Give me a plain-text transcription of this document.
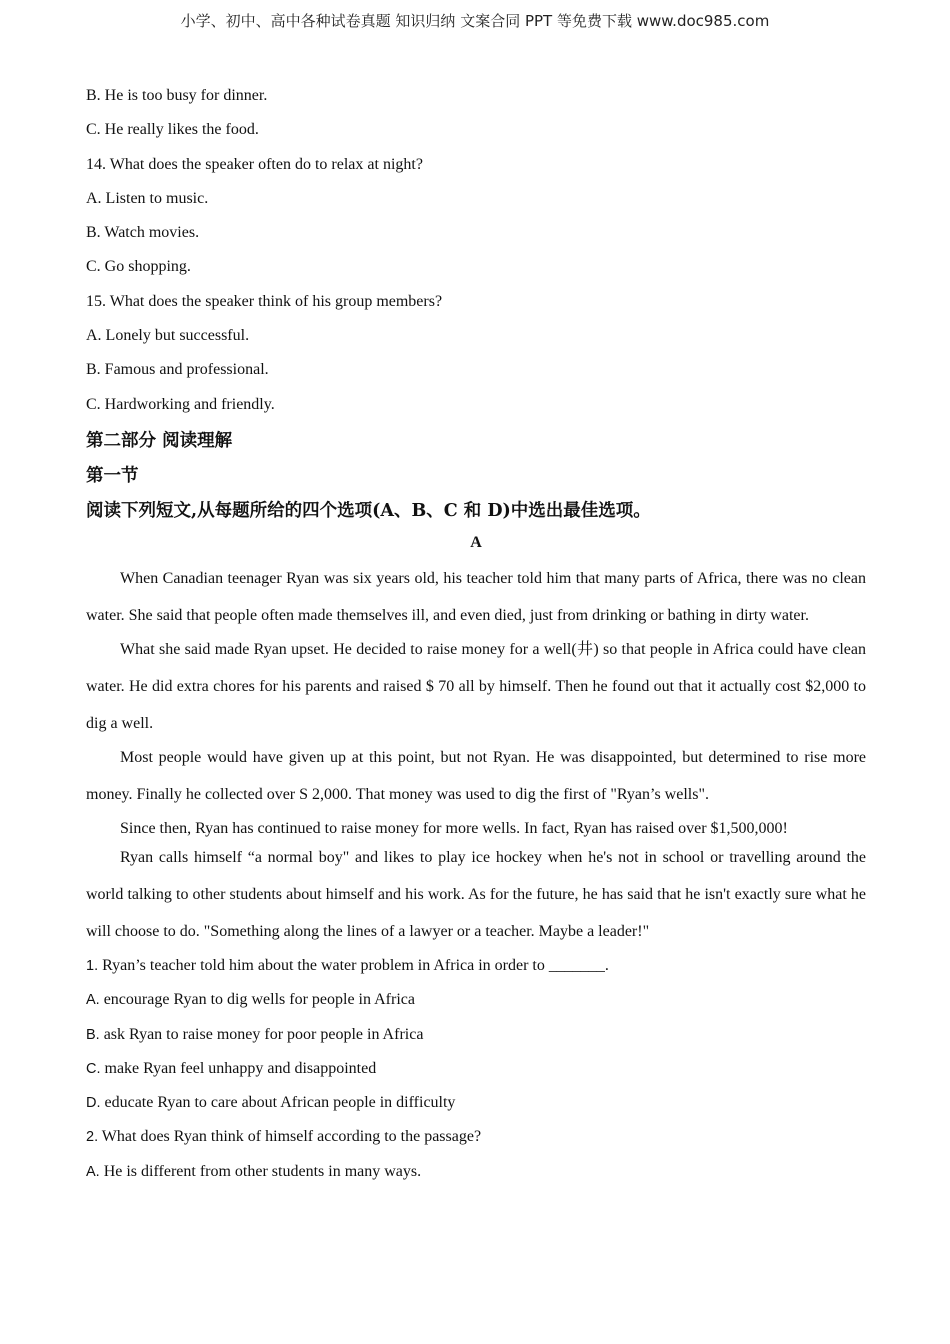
小学、初中、高中各种试卷真题 知识归纳 文案合同 PPT 等免费下载 www.doc985.com
B. He is too busy for dinner.
C. He really likes the food.
14. What does the speaker often do to relax at night?
A. Listen to music.
B. Watch movies.
C. Go shopping.
15. What does the speaker think of his group members?
A. Lonely but successful.
B. Famous and professional.
C. Hardworking and friendly.
第二部分 阅读理解
第一节
阅读下列短文,从每题所给的四个选项(A、B、C 和 D)中选出最佳选项。
A
When Canadian teenager Ryan was six years old, his teacher told him that many parts of Africa, there was no clean water. She said that people often made themselves ill, and even died, just from drinking or bathing in dirty water.
What she said made Ryan upset. He decided to raise money for a well(井) so that people in Africa could have clean water. He did extra chores for his parents and raised $ 70 all by himself. Then he found out that it actually cost $2,000 to dig a well.
Most people would have given up at this point, but not Ryan. He was disappointed, but determined to rise more money. Finally he collected over S 2,000. That money was used to dig the first of "Ryan’s wells".
Since then, Ryan has continued to raise money for more wells. In fact, Ryan has raised over $1,500,000!
Ryan calls himself “a normal boy" and likes to play ice hockey when he's not in school or travelling around the world talking to other students about himself and his work. As for the future, he has said that he isn't exactly sure what he will choose to do. "Something along the lines of a lawyer or a teacher. Maybe a leader!"
1. Ryan’s teacher told him about the water problem in Africa in order to _______.
A. encourage Ryan to dig wells for people in Africa
B. ask Ryan to raise money for poor people in Africa
C. make Ryan feel unhappy and disappointed
D. educate Ryan to care about African people in difficulty
2. What does Ryan think of himself according to the passage?
A. He is different from other students in many ways.
